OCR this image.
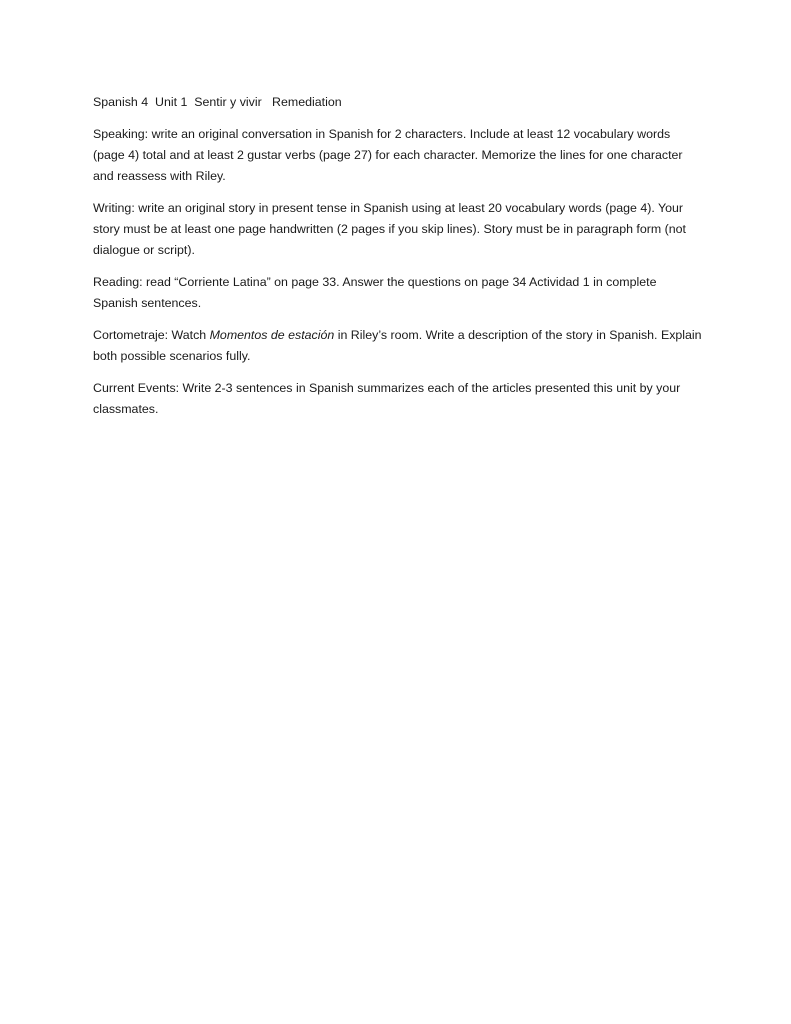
Spanish 4  Unit 1  Sentir y vivir   Remediation

Speaking: write an original conversation in Spanish for 2 characters. Include at least 12 vocabulary words (page 4) total and at least 2 gustar verbs (page 27) for each character. Memorize the lines for one character and reassess with Riley.

Writing: write an original story in present tense in Spanish using at least 20 vocabulary words (page 4). Your story must be at least one page handwritten (2 pages if you skip lines). Story must be in paragraph form (not dialogue or script).

Reading: read “Corriente Latina” on page 33. Answer the questions on page 34 Actividad 1 in complete Spanish sentences.

Cortometraje: Watch Momentos de estación in Riley’s room. Write a description of the story in Spanish. Explain both possible scenarios fully.

Current Events: Write 2-3 sentences in Spanish summarizes each of the articles presented this unit by your classmates.
